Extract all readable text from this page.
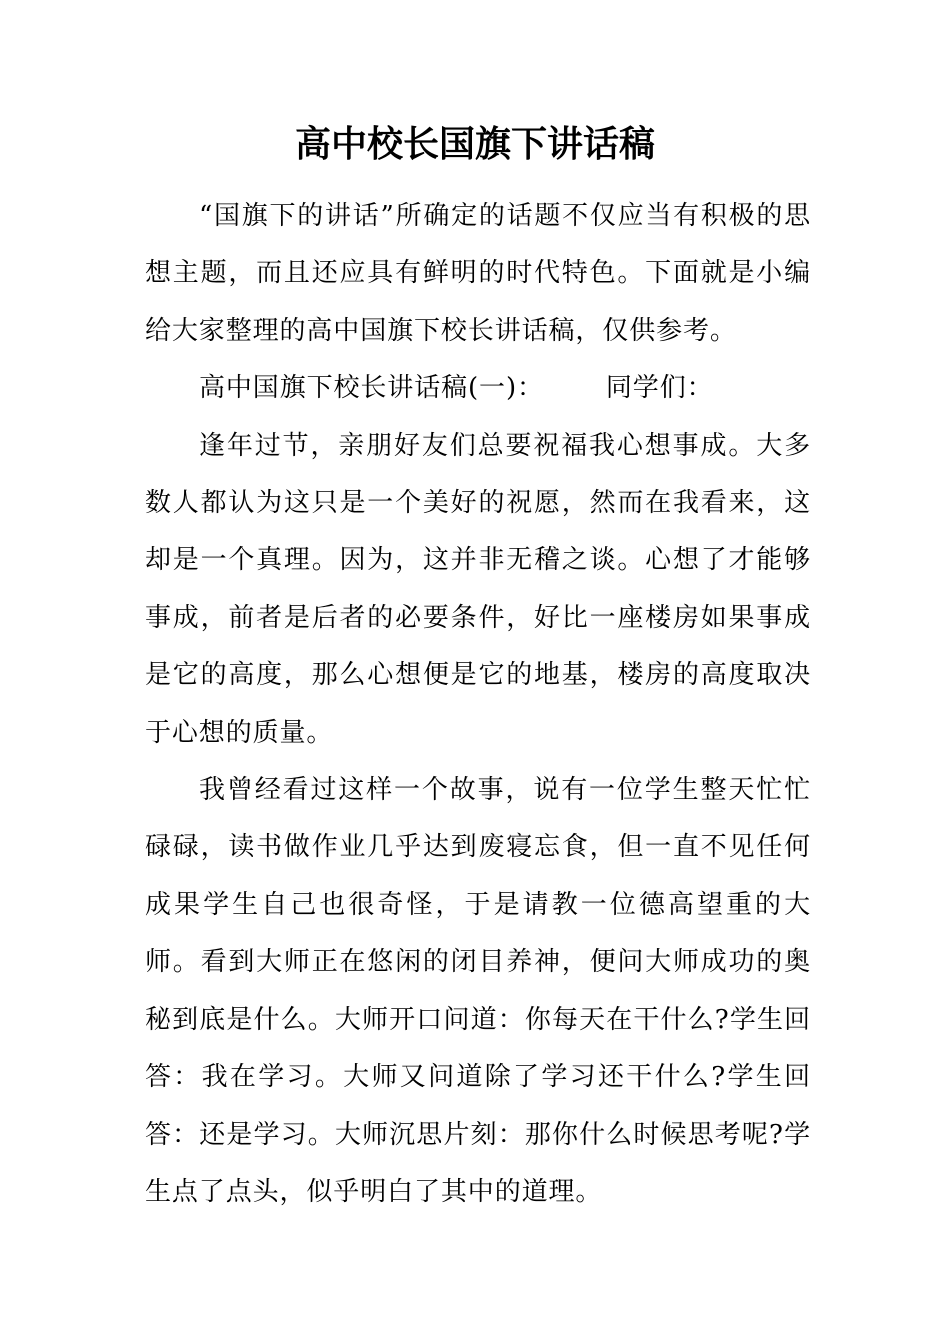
高中校长国旗下讲话稿

“国旗下的讲话”所确定的话题不仅应当有积极的思想主题，而且还应具有鲜明的时代特色。下面就是小编给大家整理的高中国旗下校长讲话稿，仅供参考。

高中国旗下校长讲话稿(一)： 同学们：

逢年过节，亲朋好友们总要祝福我心想事成。大多数人都认为这只是一个美好的祝愿，然而在我看来，这却是一个真理。因为，这并非无稽之谈。心想了才能够事成，前者是后者的必要条件，好比一座楼房如果事成是它的高度，那么心想便是它的地基，楼房的高度取决于心想的质量。

我曾经看过这样一个故事，说有一位学生整天忙忙碌碌，读书做作业几乎达到废寝忘食，但一直不见任何成果学生自己也很奇怪，于是请教一位德高望重的大师。看到大师正在悠闲的闭目养神，便问大师成功的奥秘到底是什么。大师开口问道：你每天在干什么?学生回答：我在学习。大师又问道除了学习还干什么?学生回答：还是学习。大师沉思片刻：那你什么时候思考呢?学生点了点头，似乎明白了其中的道理。
